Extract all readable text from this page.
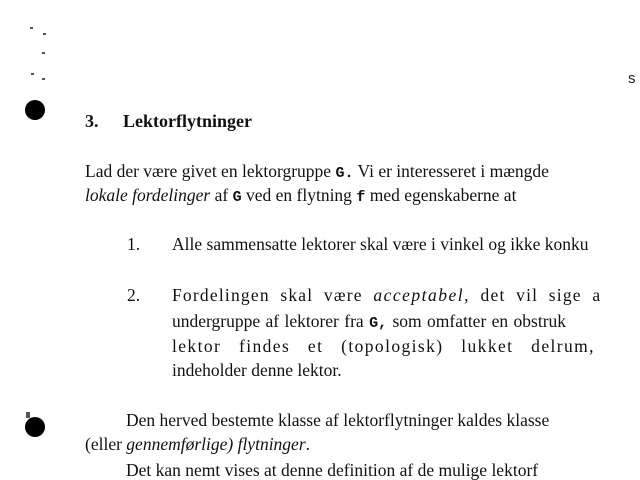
s
3. Lektorflytninger
Lad der være givet en lektorgruppe G. Vi er interesseret i mængde
lokale fordelinger af G ved en flytning f med egenskaberne at
1. Alle sammensatte lektorer skal være i vinkel og ikke konku
2. Fordelingen skal være acceptabel, det vil sige a
undergruppe af lektorer fra G, som omfatter en obstruk
lektor findes et (topologisk) lukket delrum,
indeholder denne lektor.
Den herved bestemte klasse af lektorflytninger kaldes klasse
(eller gennemførlige) flytninger.
Det kan nemt vises at denne definition af de mulige lektorf
